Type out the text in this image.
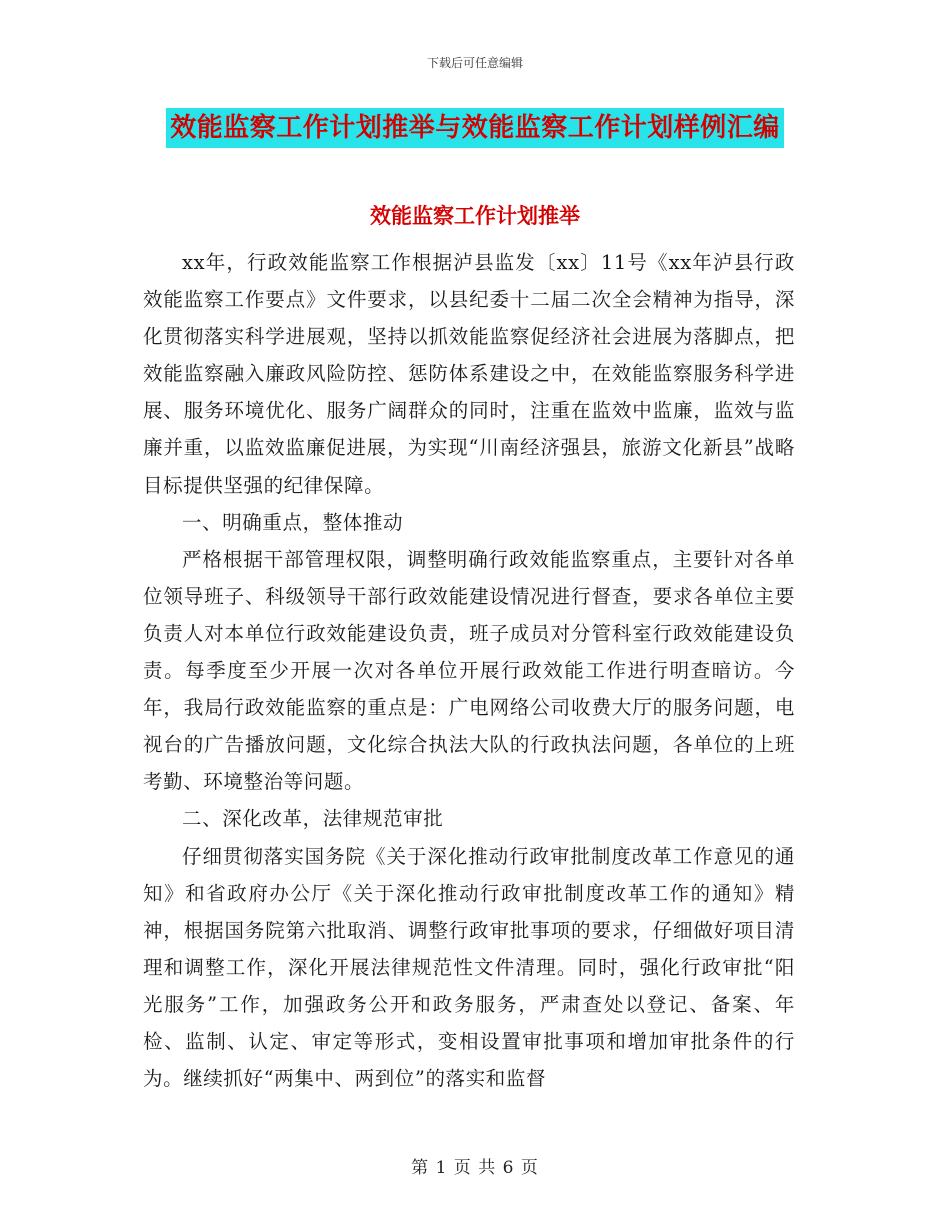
下载后可任意编辑
效能监察工作计划推举与效能监察工作计划样例汇编
效能监察工作计划推举

xx年，行政效能监察工作根据泸县监发〔xx〕11号《xx年泸县行政效能监察工作要点》文件要求，以县纪委十二届二次全会精神为指导，深化贯彻落实科学进展观，坚持以抓效能监察促经济社会进展为落脚点，把效能监察融入廉政风险防控、惩防体系建设之中，在效能监察服务科学进展、服务环境优化、服务广阔群众的同时，注重在监效中监廉，监效与监廉并重，以监效监廉促进展，为实现“川南经济强县，旅游文化新县”战略目标提供坚强的纪律保障。

一、明确重点，整体推动

严格根据干部管理权限，调整明确行政效能监察重点，主要针对各单位领导班子、科级领导干部行政效能建设情况进行督查，要求各单位主要负责人对本单位行政效能建设负责，班子成员对分管科室行政效能建设负责。每季度至少开展一次对各单位开展行政效能工作进行明查暗访。今年，我局行政效能监察的重点是：广电网络公司收费大厅的服务问题，电视台的广告播放问题，文化综合执法大队的行政执法问题，各单位的上班考勤、环境整治等问题。

二、深化改革，法律规范审批

仔细贯彻落实国务院《关于深化推动行政审批制度改革工作意见的通知》和省政府办公厅《关于深化推动行政审批制度改革工作的通知》精神，根据国务院第六批取消、调整行政审批事项的要求，仔细做好项目清理和调整工作，深化开展法律规范性文件清理。同时，强化行政审批“阳光服务”工作，加强政务公开和政务服务，严肃查处以登记、备案、年检、监制、认定、审定等形式，变相设置审批事项和增加审批条件的行为。继续抓好“两集中、两到位”的落实和监督

第 1 页 共 6 页
